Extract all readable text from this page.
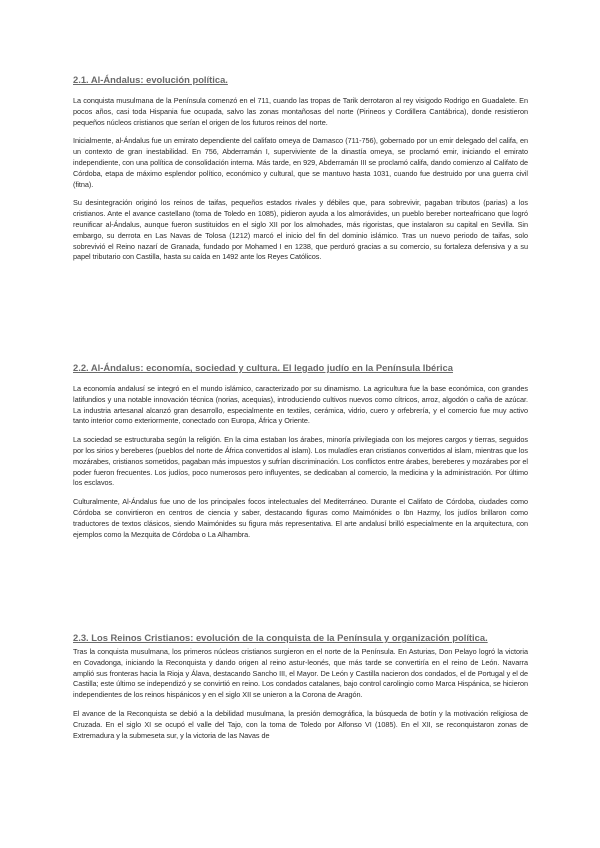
2.1. Al-Ándalus: evolución política.

La conquista musulmana de la Península comenzó en el 711, cuando las tropas de Tarik derrotaron al rey visigodo Rodrigo en Guadalete. En pocos años, casi toda Hispania fue ocupada, salvo las zonas montañosas del norte (Pirineos y Cordillera Cantábrica), donde resistieron pequeños núcleos cristianos que serían el origen de los futuros reinos del norte.

Inicialmente, al-Ándalus fue un emirato dependiente del califato omeya de Damasco (711-756), gobernado por un emir delegado del califa, en un contexto de gran inestabilidad. En 756, Abderramán I, superviviente de la dinastía omeya, se proclamó emir, iniciando el emirato independiente, con una política de consolidación interna. Más tarde, en 929, Abderramán III se proclamó califa, dando comienzo al Califato de Córdoba, etapa de máximo esplendor político, económico y cultural, que se mantuvo hasta 1031, cuando fue destruido por una guerra civil (fitna).

Su desintegración originó los reinos de taifas, pequeños estados rivales y débiles que, para sobrevivir, pagaban tributos (parias) a los cristianos. Ante el avance castellano (toma de Toledo en 1085), pidieron ayuda a los almorávides, un pueblo bereber norteafricano que logró reunificar al-Ándalus, aunque fueron sustituidos en el siglo XII por los almohades, más rigoristas, que instalaron su capital en Sevilla. Sin embargo, su derrota en Las Navas de Tolosa (1212) marcó el inicio del fin del dominio islámico. Tras un nuevo periodo de taifas, solo sobrevivió el Reino nazarí de Granada, fundado por Mohamed I en 1238, que perduró gracias a su comercio, su fortaleza defensiva y a su papel tributario con Castilla, hasta su caída en 1492 ante los Reyes Católicos.

2.2. Al-Ándalus: economía, sociedad y cultura. El legado judío en la Península Ibérica

La economía andalusí se integró en el mundo islámico, caracterizado por su dinamismo. La agricultura fue la base económica, con grandes latifundios y una notable innovación técnica (norias, acequias), introduciendo cultivos nuevos como cítricos, arroz, algodón o caña de azúcar. La industria artesanal alcanzó gran desarrollo, especialmente en textiles, cerámica, vidrio, cuero y orfebrería, y el comercio fue muy activo tanto interior como exteriormente, conectado con Europa, África y Oriente.

La sociedad se estructuraba según la religión. En la cima estaban los árabes, minoría privilegiada con los mejores cargos y tierras, seguidos por los sirios y bereberes (pueblos del norte de África convertidos al islam). Los muladíes eran cristianos convertidos al islam, mientras que los mozárabes, cristianos sometidos, pagaban más impuestos y sufrían discriminación. Los conflictos entre árabes, bereberes y mozárabes por el poder fueron frecuentes. Los judíos, poco numerosos pero influyentes, se dedicaban al comercio, la medicina y la administración. Por último los esclavos.

Culturalmente, Al-Ándalus fue uno de los principales focos intelectuales del Mediterráneo. Durante el Califato de Córdoba, ciudades como Córdoba se convirtieron en centros de ciencia y saber, destacando figuras como Maimónides o Ibn Hazmy, los judíos brillaron como traductores de textos clásicos, siendo Maimónides su figura más representativa. El arte andalusí brilló especialmente en la arquitectura, con ejemplos como la Mezquita de Córdoba o La Alhambra.

2.3. Los Reinos Cristianos: evolución de la conquista de la Península y organización política.

Tras la conquista musulmana, los primeros núcleos cristianos surgieron en el norte de la Península. En Asturias, Don Pelayo logró la victoria en Covadonga, iniciando la Reconquista y dando origen al reino astur-leonés, que más tarde se convertiría en el reino de León. Navarra amplió sus fronteras hacia la Rioja y Álava, destacando Sancho III, el Mayor. De León y Castilla nacieron dos condados, el de Portugal y el de Castilla; este último se independizó y se convirtió en reino. Los condados catalanes, bajo control carolingio como Marca Hispánica, se hicieron independientes de los reinos hispánicos y en el siglo XII se unieron a la Corona de Aragón.

El avance de la Reconquista se debió a la debilidad musulmana, la presión demográfica, la búsqueda de botín y la motivación religiosa de Cruzada. En el siglo XI se ocupó el valle del Tajo, con la toma de Toledo por Alfonso VI (1085). En el XII, se reconquistaron zonas de Extremadura y la submeseta sur, y la victoria de las Navas de
